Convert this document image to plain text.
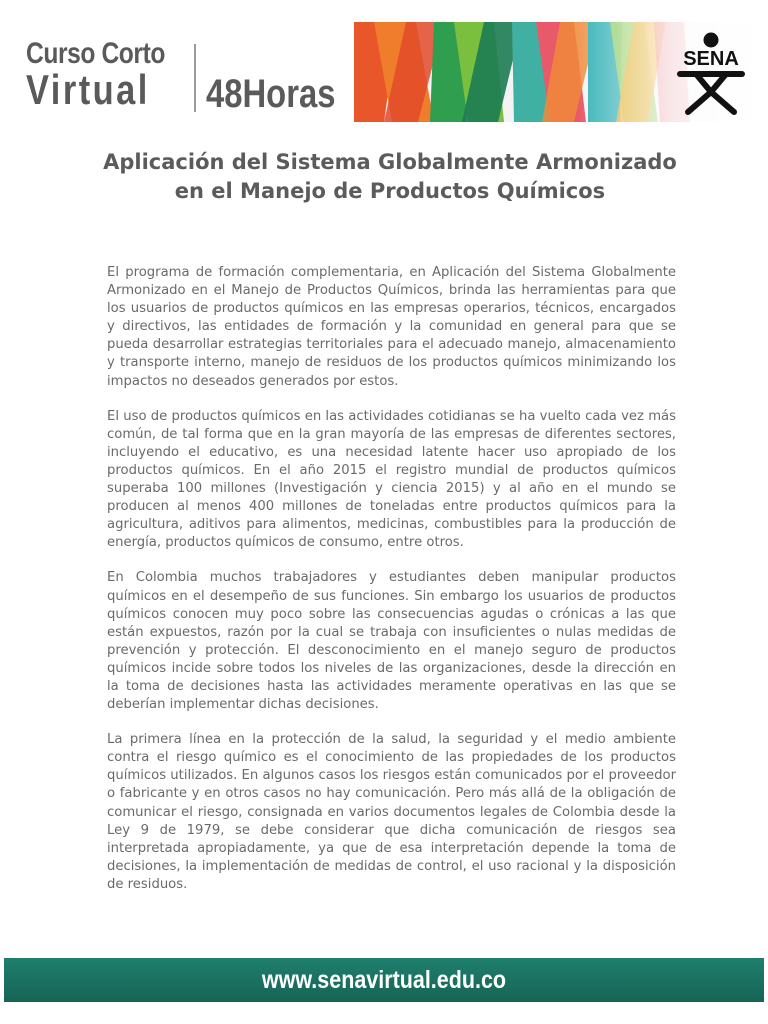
Curso Corto
Virtual	48Horas
SENA
Aplicación del Sistema Globalmente Armonizado en el Manejo de Productos Químicos

El programa de formación complementaria, en Aplicación del Sistema Globalmente Armonizado en el Manejo de Productos Químicos, brinda las herramientas para que los usuarios de productos químicos en las empresas operarios, técnicos, encargados y directivos, las entidades de formación y la comunidad en general para que se pueda desarrollar estrategias territoriales para el adecuado manejo, almacenamiento y transporte interno, manejo de residuos de los productos químicos minimizando los impactos no deseados generados por estos.

El uso de productos químicos en las actividades cotidianas se ha vuelto cada vez más común, de tal forma que en la gran mayoría de las empresas de diferentes sectores, incluyendo el educativo, es una necesidad latente hacer uso apropiado de los productos químicos. En el año 2015 el registro mundial de productos químicos superaba 100 millones (Investigación y ciencia 2015) y al año en el mundo se producen al menos 400 millones de toneladas entre productos químicos para la agricultura, aditivos para alimentos, medicinas, combustibles para la producción de energía, productos químicos de consumo, entre otros.

En Colombia muchos trabajadores y estudiantes deben manipular productos químicos en el desempeño de sus funciones. Sin embargo los usuarios de productos químicos conocen muy poco sobre las consecuencias agudas o crónicas a las que están expuestos, razón por la cual se trabaja con insuficientes o nulas medidas de prevención y protección. El desconocimiento en el manejo seguro de productos químicos incide sobre todos los niveles de las organizaciones, desde la dirección en la toma de decisiones hasta las actividades meramente operativas en las que se deberían implementar dichas decisiones.

La primera línea en la protección de la salud, la seguridad y el medio ambiente contra el riesgo químico es el conocimiento de las propiedades de los productos químicos utilizados. En algunos casos los riesgos están comunicados por el proveedor o fabricante y en otros casos no hay comunicación. Pero más allá de la obligación de comunicar el riesgo, consignada en varios documentos legales de Colombia desde la Ley 9 de 1979, se debe considerar que dicha comunicación de riesgos sea interpretada apropiadamente, ya que de esa interpretación depende la toma de decisiones, la implementación de medidas de control, el uso racional y la disposición de residuos.

www.senavirtual.edu.co
